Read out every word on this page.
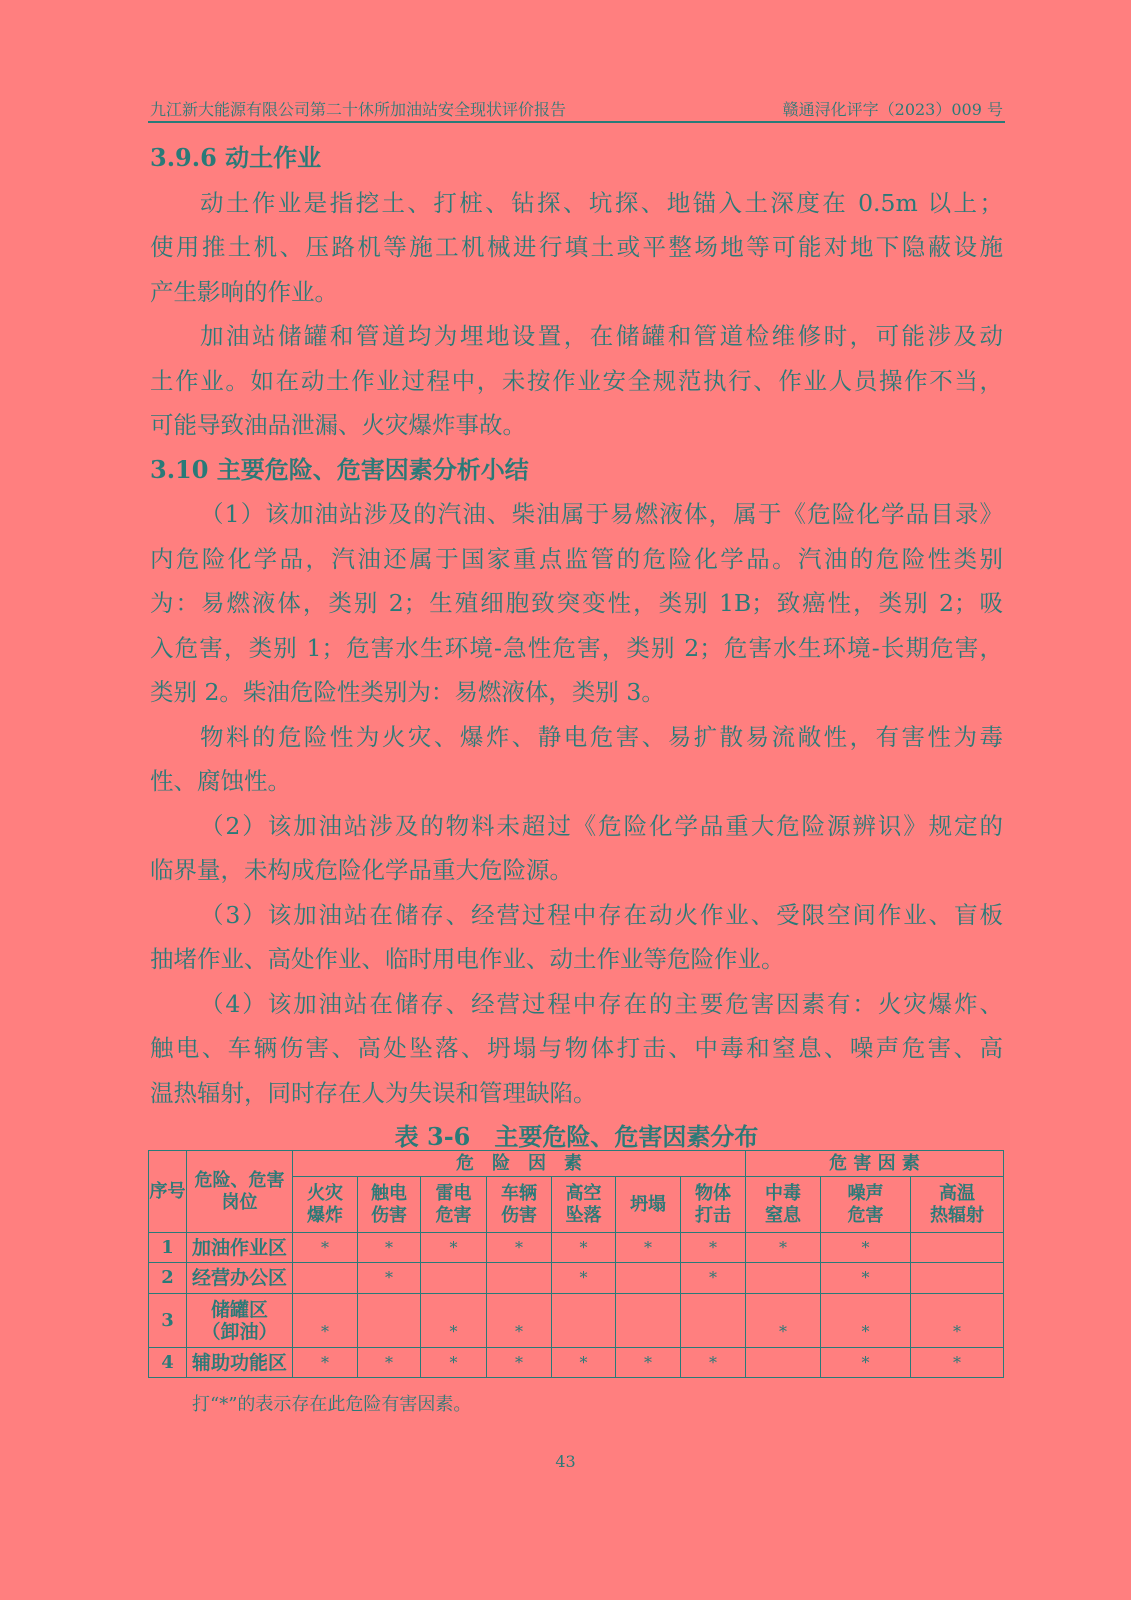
九江新大能源有限公司第二十休所加油站安全现状评价报告	赣通浔化评字（2023）009 号
3.9.6 动土作业
动土作业是指挖土、打桩、钻探、坑探、地锚入土深度在 0.5m 以上；
使用推土机、压路机等施工机械进行填土或平整场地等可能对地下隐蔽设施
产生影响的作业。
加油站储罐和管道均为埋地设置，在储罐和管道检维修时，可能涉及动
土作业。如在动土作业过程中，未按作业安全规范执行、作业人员操作不当，
可能导致油品泄漏、火灾爆炸事故。
3.10 主要危险、危害因素分析小结
（1）该加油站涉及的汽油、柴油属于易燃液体，属于《危险化学品目录》
内危险化学品，汽油还属于国家重点监管的危险化学品。汽油的危险性类别
为：易燃液体，类别 2；生殖细胞致突变性，类别 1B；致癌性，类别 2；吸
入危害，类别 1；危害水生环境-急性危害，类别 2；危害水生环境-长期危害，
类别 2。柴油危险性类别为：易燃液体，类别 3。
物料的危险性为火灾、爆炸、静电危害、易扩散易流敞性，有害性为毒
性、腐蚀性。
（2）该加油站涉及的物料未超过《危险化学品重大危险源辨识》规定的
临界量，未构成危险化学品重大危险源。
（3）该加油站在储存、经营过程中存在动火作业、受限空间作业、盲板
抽堵作业、高处作业、临时用电作业、动土作业等危险作业。
（4）该加油站在储存、经营过程中存在的主要危害因素有：火灾爆炸、
触电、车辆伤害、高处坠落、坍塌与物体打击、中毒和窒息、噪声危害、高
温热辐射，同时存在人为失误和管理缺陷。
表 3-6　主要危险、危害因素分布
序号	危险、危害岗位	危　险　因　素							危 害 因 素		
		火灾
爆炸	触电
伤害	雷电
危害	车辆
伤害	高空
坠落	坍塌	物体
打击	中毒
窒息	噪声
危害	高温
热辐射
1	加油作业区	*	*	*	*	*	*	*	*	*	
2	经营办公区		*			*		*		*	
3	储罐区
（卸油）	*		*	*				*	*	*
4	辅助功能区	*	*	*	*	*	*	*		*	*
打“*”的表示存在此危险有害因素。
43
